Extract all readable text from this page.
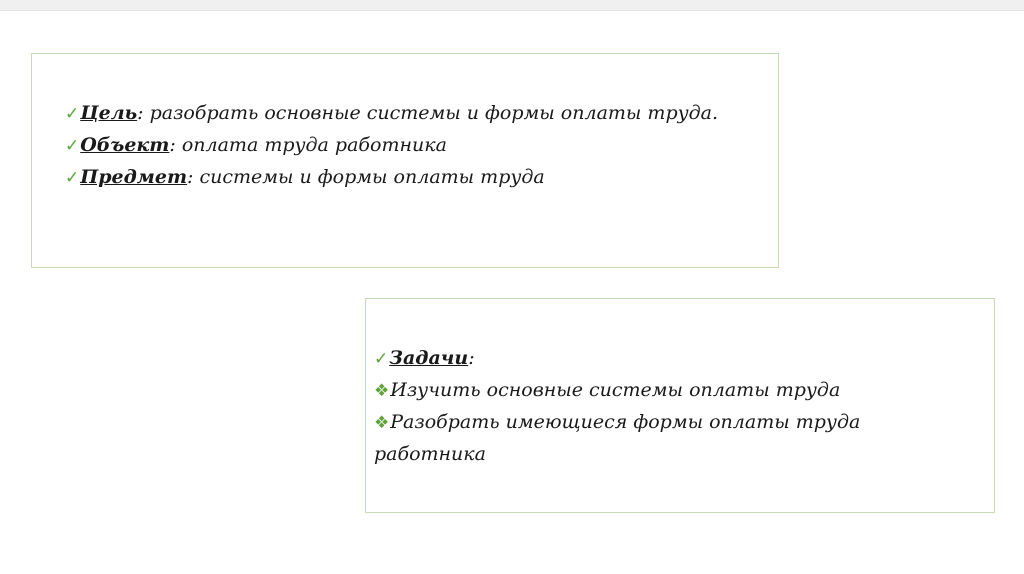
✓Цель: разобрать основные системы и формы оплаты труда.
✓Объект: оплата труда работника
✓Предмет: системы и формы оплаты труда
✓Задачи:
❖Изучить основные системы оплаты труда
❖Разобрать имеющиеся формы оплаты труда работника
